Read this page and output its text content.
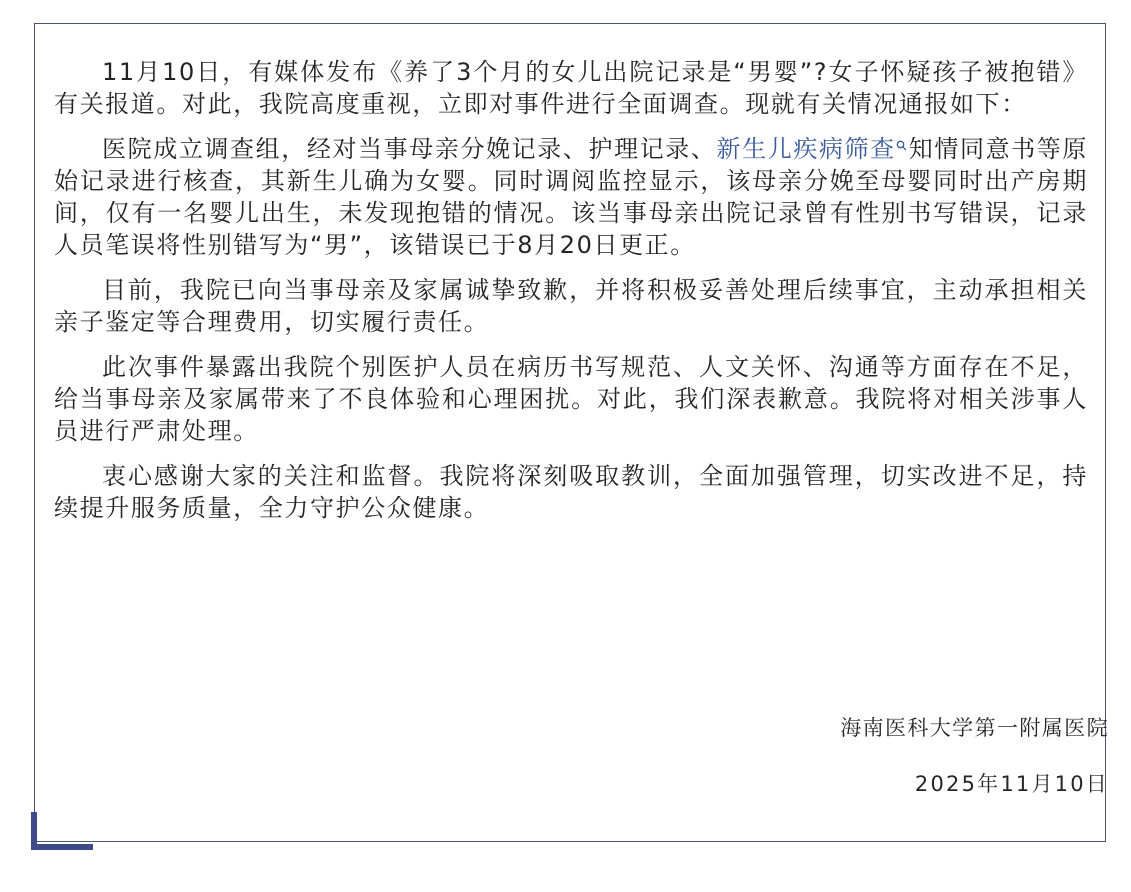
11月10日，有媒体发布《养了3个月的女儿出院记录是“男婴”?女子怀疑孩子被抱错》有关报道。对此，我院高度重视，立即对事件进行全面调查。现就有关情况通报如下：

医院成立调查组，经对当事母亲分娩记录、护理记录、新生儿疾病筛查 知情同意书等原始记录进行核查，其新生儿确为女婴。同时调阅监控显示，该母亲分娩至母婴同时出产房期间，仅有一名婴儿出生，未发现抱错的情况。该当事母亲出院记录曾有性别书写错误，记录人员笔误将性别错写为“男”，该错误已于8月20日更正。

目前，我院已向当事母亲及家属诚挚致歉，并将积极妥善处理后续事宜，主动承担相关亲子鉴定等合理费用，切实履行责任。

此次事件暴露出我院个别医护人员在病历书写规范、人文关怀、沟通等方面存在不足，给当事母亲及家属带来了不良体验和心理困扰。对此，我们深表歉意。我院将对相关涉事人员进行严肃处理。

衷心感谢大家的关注和监督。我院将深刻吸取教训，全面加强管理，切实改进不足，持续提升服务质量，全力守护公众健康。

海南医科大学第一附属医院
2025年11月10日
